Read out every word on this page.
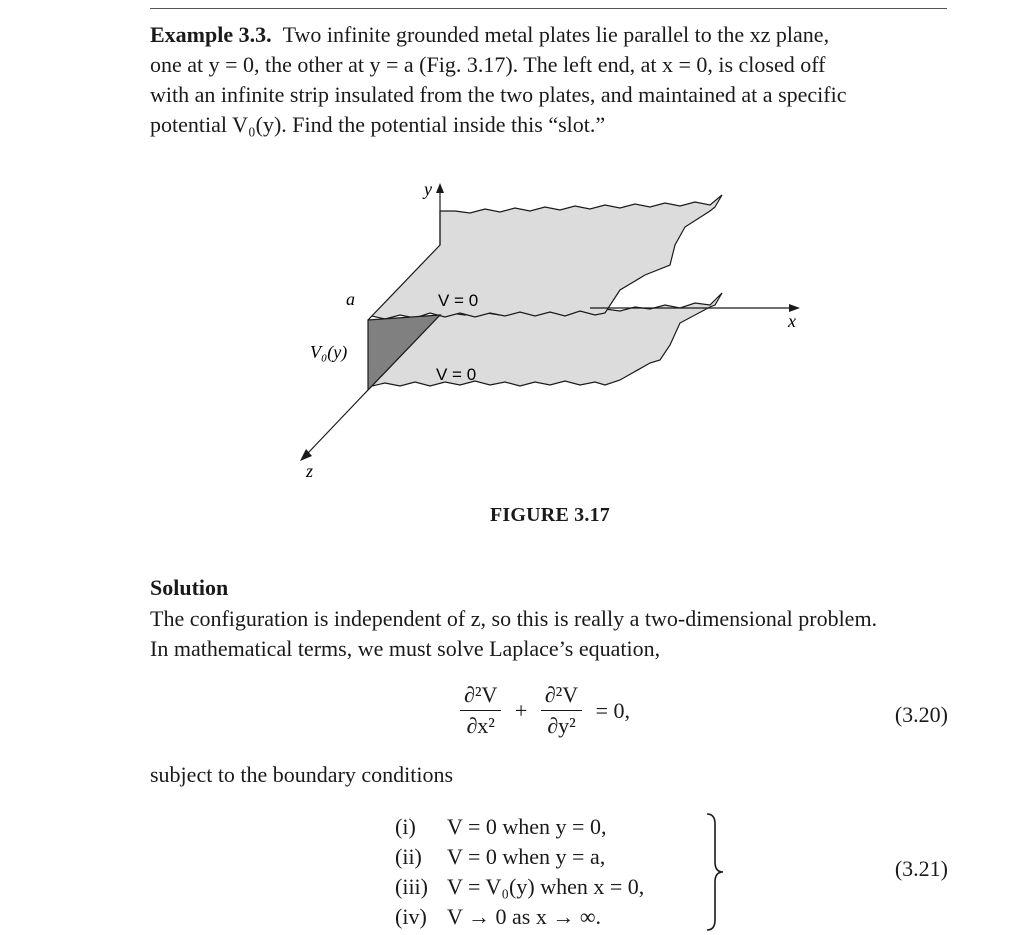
Example 3.3. Two infinite grounded metal plates lie parallel to the xz plane,
one at y = 0, the other at y = a (Fig. 3.17). The left end, at x = 0, is closed off
with an infinite strip insulated from the two plates, and maintained at a specific
potential V₀(y). Find the potential inside this “slot.”
y
x
z
a
V₀(y)
V = 0
V = 0
FIGURE 3.17
Solution
The configuration is independent of z, so this is really a two-dimensional problem.
In mathematical terms, we must solve Laplace’s equation,
$\frac{\text{∂²V}}{\text{∂x²}} + \frac{\text{∂²V}}{\text{∂y²}} = 0$,	(3.20)
subject to the boundary conditions
(i) V = 0 when y = 0,
(ii) V = 0 when y = a,
(iii) V = V₀(y) when x = 0,
(iv) V → 0 as x → ∞.
(3.21)
